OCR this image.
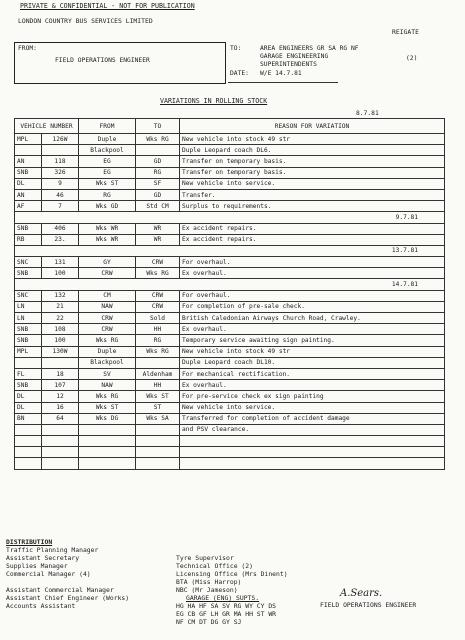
PRIVATE & CONFIDENTIAL - NOT FOR PUBLICATION
LONDON COUNTRY BUS SERVICES LIMITED
REIGATE
FROM:
FIELD OPERATIONS ENGINEER
TO:	AREA ENGINEERS GR SA RG NF
GARAGE ENGINEERING
SUPERINTENDENTS
DATE: W/E 14.7.81
(2)
VARIATIONS IN ROLLING STOCK
8.7.81
VEHICLE NUMBER		FROM	TO	REASON FOR VARIATION
MPL	126W	Duple	Wks RG	New vehicle into stock 49 str
		Blackpool		Duple Leopard coach DL6.
AN	118	EG	GD	Transfer on temporary basis.
SNB	326	EG	RG	Transfer on temporary basis.
DL	9	Wks ST	SF	New vehicle into service.
AN	46	RG	GD	Transfer.
AF	7	Wks GD	Std CM	Surplus to requirements.
9.7.81				
SNB	406	Wks WR	WR	Ex accident repairs.
RB	23.	Wks WR	WR	Ex accident repairs.
13.7.81				
SNC	131	GY	CRW	For overhaul.
SNB	100	CRW	Wks RG	Ex overhaul.
14.7.81				
SNC	132	CM	CRW	For overhaul.
LN	21	NAW	CRW	For completion of pre-sale check.
LN	22	CRW	Sold	British Caledonian Airways Church Road, Crawley.
SNB	108	CRW	HH	Ex overhaul.
SNB	100	Wks RG	RG	Temporary service awaiting sign painting.
MPL	130W	Duple	Wks RG	New vehicle into stock 49 str
		Blackpool		Duple Leopard coach DL10.
FL	18	SV	Aldenham	For mechanical rectification.
SNB	107	NAW	HH	Ex overhaul.
DL	12	Wks RG	Wks ST	For pre-service check ex sign painting
DL	16	Wks ST	ST	New vehicle into service.
BN	64	Wks DG	Wks SA	Transferred for completion of accident damage
				and PSV clearance.

DISTRIBUTION
Traffic Planning Manager
Assistant Secretary
Supplies Manager
Commercial Manager (4)
Assistant Commercial Manager
Assistant Chief Engineer (Works)
Accounts Assistant
Tyre Supervisor
Technical Office (2)
Licensing Office (Mrs Dinent)
BTA (Miss Harrop)
NBC (Mr Jameson)
GARAGE (ENG) SUPTS.
HG HA HF SA SV RG WY CY DS
EG CB GF LH GR MA HH ST WR
NF CM DT DG GY SJ
A.Sears.
FIELD OPERATIONS ENGINEER
